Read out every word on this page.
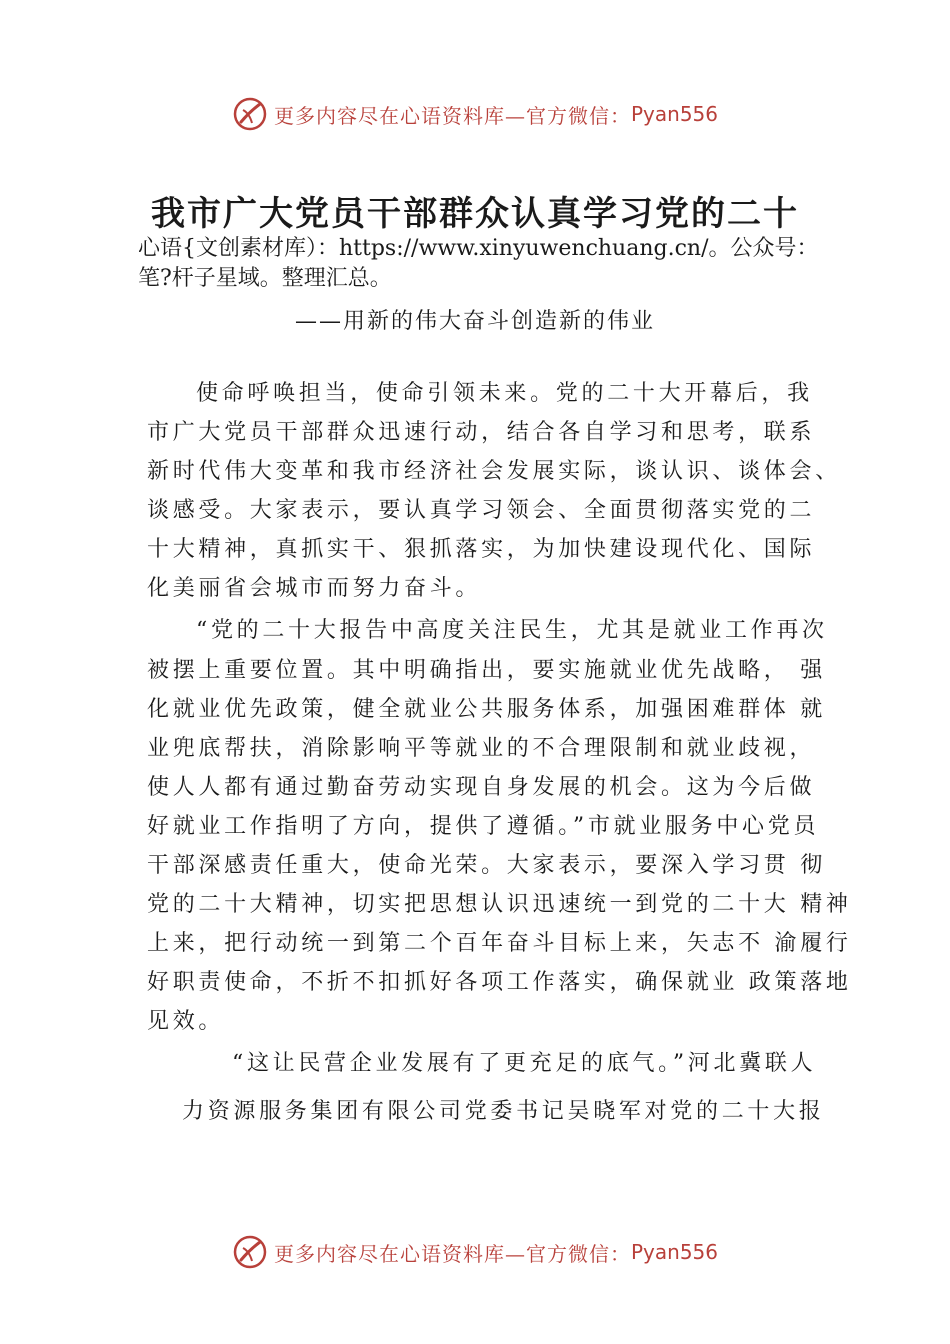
更多内容尽在心语资料库—官方微信： Pyan556
我市广大党员干部群众认真学习党的二十
心语{文创素材库）：https://www.xinyuwenchuang.cn/。公众号：笔?杆子星域。整理汇总。
——用新的伟大奋斗创造新的伟业
使命呼唤担当，使命引领未来。党的二十大开幕后，我
市广大党员干部群众迅速行动，结合各自学习和思考，联系
新时代伟大变革和我市经济社会发展实际，谈认识、谈体会、
谈感受。大家表示，要认真学习领会、全面贯彻落实党的二
十大精神，真抓实干、狠抓落实，为加快建设现代化、国际
化美丽省会城市而努力奋斗。
“党的二十大报告中高度关注民生，尤其是就业工作再次
被摆上重要位置。其中明确指出，要实施就业优先战略， 强
化就业优先政策，健全就业公共服务体系，加强困难群体 就
业兜底帮扶，消除影响平等就业的不合理限制和就业歧视，
使人人都有通过勤奋劳动实现自身发展的机会。这为今后做
好就业工作指明了方向，提供了遵循。”市就业服务中心党员
干部深感责任重大，使命光荣。大家表示，要深入学习贯 彻
党的二十大精神，切实把思想认识迅速统一到党的二十大 精神
上来，把行动统一到第二个百年奋斗目标上来，矢志不 渝履行
好职责使命，不折不扣抓好各项工作落实，确保就业 政策落地
见效。
“这让民营企业发展有了更充足的底气。”河北冀联人
力资源服务集团有限公司党委书记吴晓军对党的二十大报
更多内容尽在心语资料库—官方微信： Pyan556
